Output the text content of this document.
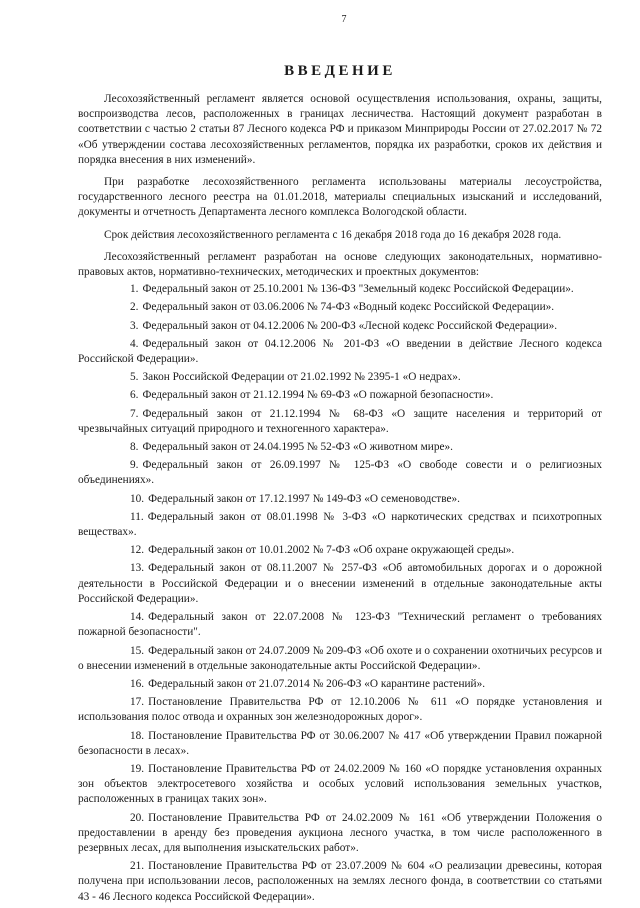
7
ВВЕДЕНИЕ

Лесохозяйственный регламент является основой осуществления использования, охраны, защиты, воспроизводства лесов, расположенных в границах лесничества. Настоящий документ разработан в соответствии с частью 2 статьи 87 Лесного кодекса РФ и приказом Минприроды России от 27.02.2017 № 72 «Об утверждении состава лесохозяйственных регламентов, порядка их разработки, сроков их действия и порядка внесения в них изменений».

При разработке лесохозяйственного регламента использованы материалы лесоустройства, государственного лесного реестра на 01.01.2018, материалы специальных изысканий и исследований, документы и отчетность Департамента лесного комплекса Вологодской области.

Срок действия лесохозяйственного регламента с 16 декабря 2018 года до 16 декабря 2028 года.

Лесохозяйственный регламент разработан на основе следующих законодательных, нормативно-правовых актов, нормативно-технических, методических и проектных документов:

1. Федеральный закон от 25.10.2001 № 136-ФЗ "Земельный кодекс Российской Федерации».
2. Федеральный закон от 03.06.2006 № 74-ФЗ «Водный кодекс Российской Федерации».
3. Федеральный закон от 04.12.2006 № 200-ФЗ «Лесной кодекс Российской Федерации».
4. Федеральный закон от 04.12.2006 № 201-ФЗ «О введении в действие Лесного кодекса Российской Федерации».
5. Закон Российской Федерации от 21.02.1992 № 2395-1 «О недрах».
6. Федеральный закон от 21.12.1994 № 69-ФЗ «О пожарной безопасности».
7. Федеральный закон от 21.12.1994 № 68-ФЗ «О защите населения и территорий от чрезвычайных ситуаций природного и техногенного характера».
8. Федеральный закон от 24.04.1995 № 52-ФЗ «О животном мире».
9. Федеральный закон от 26.09.1997 № 125-ФЗ «О свободе совести и о религиозных объединениях».
10. Федеральный закон от 17.12.1997 № 149-ФЗ «О семеноводстве».
11. Федеральный закон от 08.01.1998 № 3-ФЗ «О наркотических средствах и психотропных веществах».
12. Федеральный закон от 10.01.2002 № 7-ФЗ «Об охране окружающей среды».
13. Федеральный закон от 08.11.2007 № 257-ФЗ «Об автомобильных дорогах и о дорожной деятельности в Российской Федерации и о внесении изменений в отдельные законодательные акты Российской Федерации».
14. Федеральный закон от 22.07.2008 № 123-ФЗ "Технический регламент о требованиях пожарной безопасности".
15. Федеральный закон от 24.07.2009 № 209-ФЗ «Об охоте и о сохранении охотничьих ресурсов и о внесении изменений в отдельные законодательные акты Российской Федерации».
16. Федеральный закон от 21.07.2014 № 206-ФЗ «О карантине растений».
17. Постановление Правительства РФ от 12.10.2006 № 611 «О порядке установления и использования полос отвода и охранных зон железнодорожных дорог».
18. Постановление Правительства РФ от 30.06.2007 № 417 «Об утверждении Правил пожарной безопасности в лесах».
19. Постановление Правительства РФ от 24.02.2009 № 160 «О порядке установления охранных зон объектов электросетевого хозяйства и особых условий использования земельных участков, расположенных в границах таких зон».
20. Постановление Правительства РФ от 24.02.2009 № 161 «Об утверждении Положения о предоставлении в аренду без проведения аукциона лесного участка, в том числе расположенного в резервных лесах, для выполнения изыскательских работ».
21. Постановление Правительства РФ от 23.07.2009 № 604 «О реализации древесины, которая получена при использовании лесов, расположенных на землях лесного фонда, в соответствии со статьями 43 - 46 Лесного кодекса Российской Федерации».
